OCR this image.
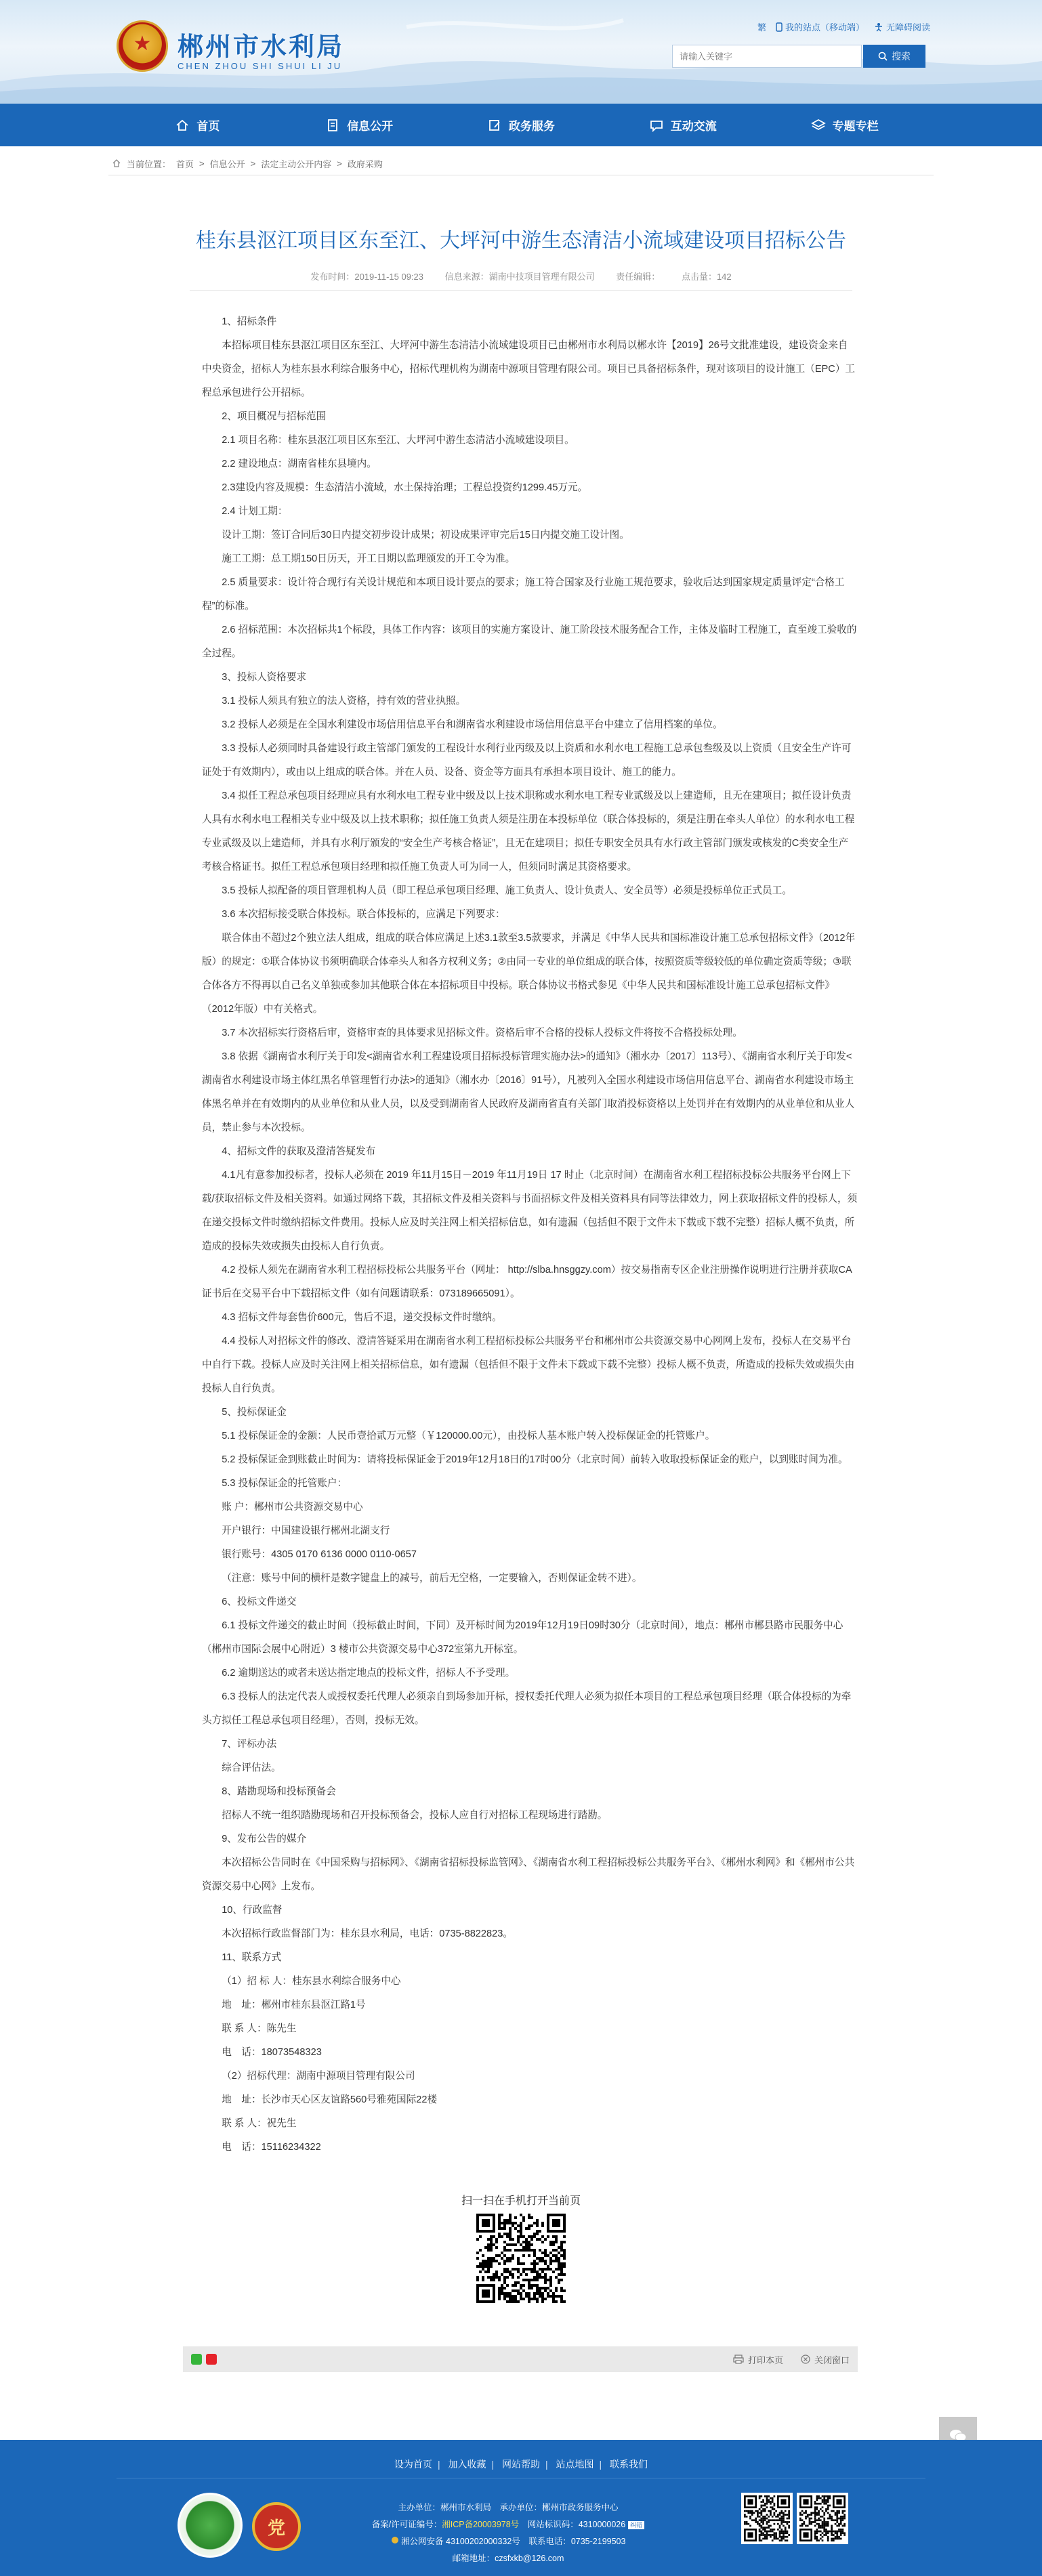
★	郴州市水利局
CHEN ZHOU SHI SHUI LI JU
繁 我的站点（移动端） 无障碍阅读
请输入关键字
搜索
首页	信息公开	政务服务	互动交流	专题专栏
当前位置： 首页 > 信息公开 > 法定主动公开内容 > 政府采购
桂东县沤江项目区东至江、大坪河中游生态清洁小流域建设项目招标公告
发布时间：2019-11-15 09:23 信息来源：湖南中技项目管理有限公司 责任编辑： 点击量：142

1、招标条件

本招标项目桂东县沤江项目区东至江、大坪河中游生态清洁小流域建设项目已由郴州市水利局以郴水许【2019】26号文批准建设，建设资金来自中央资金，招标人为桂东县水利综合服务中心，招标代理机构为湖南中源项目管理有限公司。项目已具备招标条件，现对该项目的设计施工（EPC）工程总承包进行公开招标。

2、项目概况与招标范围

2.1 项目名称：桂东县沤江项目区东至江、大坪河中游生态清洁小流域建设项目。

2.2 建设地点：湖南省桂东县境内。

2.3建设内容及规模：生态清洁小流域，水土保持治理；工程总投资约1299.45万元。

2.4 计划工期：

设计工期：签订合同后30日内提交初步设计成果；初设成果评审完后15日内提交施工设计图。

施工工期：总工期150日历天，开工日期以监理颁发的开工令为准。

2.5 质量要求：设计符合现行有关设计规范和本项目设计要点的要求；施工符合国家及行业施工规范要求，验收后达到国家规定质量评定“合格工程”的标准。

2.6 招标范围：本次招标共1个标段，具体工作内容：该项目的实施方案设计、施工阶段技术服务配合工作，主体及临时工程施工，直至竣工验收的全过程。

3、投标人资格要求

3.1 投标人须具有独立的法人资格，持有效的营业执照。

3.2 投标人必须是在全国水利建设市场信用信息平台和湖南省水利建设市场信用信息平台中建立了信用档案的单位。

3.3 投标人必须同时具备建设行政主管部门颁发的工程设计水利行业丙级及以上资质和水利水电工程施工总承包叁级及以上资质（且安全生产许可证处于有效期内），或由以上组成的联合体。并在人员、设备、资金等方面具有承担本项目设计、施工的能力。

3.4 拟任工程总承包项目经理应具有水利水电工程专业中级及以上技术职称或水利水电工程专业贰级及以上建造师，且无在建项目；拟任设计负责人具有水利水电工程相关专业中级及以上技术职称；拟任施工负责人须是注册在本投标单位（联合体投标的，须是注册在牵头人单位）的水利水电工程专业贰级及以上建造师，并具有水利厅颁发的“安全生产考核合格证”，且无在建项目；拟任专职安全员具有水行政主管部门颁发或核发的C类安全生产考核合格证书。拟任工程总承包项目经理和拟任施工负责人可为同一人，但须同时满足其资格要求。

3.5 投标人拟配备的项目管理机构人员（即工程总承包项目经理、施工负责人、设计负责人、安全员等）必须是投标单位正式员工。

3.6 本次招标接受联合体投标。联合体投标的，应满足下列要求：

联合体由不超过2个独立法人组成，组成的联合体应满足上述3.1款至3.5款要求，并满足《中华人民共和国标准设计施工总承包招标文件》（2012年版）的规定：①联合体协议书须明确联合体牵头人和各方权利义务；②由同一专业的单位组成的联合体，按照资质等级较低的单位确定资质等级；③联合体各方不得再以自己名义单独或参加其他联合体在本招标项目中投标。联合体协议书格式参见《中华人民共和国标准设计施工总承包招标文件》（2012年版）中有关格式。

3.7 本次招标实行资格后审，资格审查的具体要求见招标文件。资格后审不合格的投标人投标文件将按不合格投标处理。

3.8 依据《湖南省水利厅关于印发<湖南省水利工程建设项目招标投标管理实施办法>的通知》（湘水办〔2017〕113号）、《湖南省水利厅关于印发<湖南省水利建设市场主体红黑名单管理暂行办法>的通知》（湘水办〔2016〕91号），凡被列入全国水利建设市场信用信息平台、湖南省水利建设市场主体黑名单并在有效期内的从业单位和从业人员，以及受到湖南省人民政府及湖南省直有关部门取消投标资格以上处罚并在有效期内的从业单位和从业人员，禁止参与本次投标。

4、招标文件的获取及澄清答疑发布

4.1凡有意参加投标者，投标人必须在 2019 年11月15日－2019 年11月19日 17 时止（北京时间）在湖南省水利工程招标投标公共服务平台网上下载/获取招标文件及相关资料。如通过网络下载，其招标文件及相关资料与书面招标文件及相关资料具有同等法律效力，网上获取招标文件的投标人，须在递交投标文件时缴纳招标文件费用。投标人应及时关注网上相关招标信息，如有遗漏（包括但不限于文件未下载或下载不完整）招标人概不负责，所造成的投标失效或损失由投标人自行负责。

4.2 投标人须先在湖南省水利工程招标投标公共服务平台（网址： http://slba.hnsggzy.com）按交易指南专区企业注册操作说明进行注册并获取CA证书后在交易平台中下载招标文件（如有问题请联系：073189665091）。

4.3 招标文件每套售价600元，售后不退，递交投标文件时缴纳。

4.4 投标人对招标文件的修改、澄清答疑采用在湖南省水利工程招标投标公共服务平台和郴州市公共资源交易中心网网上发布，投标人在交易平台中自行下载。投标人应及时关注网上相关招标信息，如有遗漏（包括但不限于文件未下载或下载不完整）投标人概不负责，所造成的投标失效或损失由投标人自行负责。

5、投标保证金

5.1 投标保证金的金额：人民币壹拾贰万元整（￥120000.00元），由投标人基本账户转入投标保证金的托管账户。

5.2 投标保证金到账截止时间为：请将投标保证金于2019年12月18日的17时00分（北京时间）前转入收取投标保证金的账户，以到账时间为准。

5.3 投标保证金的托管账户：

账 户：郴州市公共资源交易中心

开户银行：中国建设银行郴州北湖支行

银行账号：4305 0170 6136 0000 0110-0657

（注意：账号中间的横杆是数字键盘上的减号，前后无空格，一定要输入，否则保证金转不进）。

6、投标文件递交

6.1 投标文件递交的截止时间（投标截止时间，下同）及开标时间为2019年12月19日09时30分（北京时间），地点：郴州市郴县路市民服务中心（郴州市国际会展中心附近）3 楼市公共资源交易中心372室第九开标室。

6.2 逾期送达的或者未送达指定地点的投标文件，招标人不予受理。

6.3 投标人的法定代表人或授权委托代理人必须亲自到场参加开标，授权委托代理人必须为拟任本项目的工程总承包项目经理（联合体投标的为牵头方拟任工程总承包项目经理），否则，投标无效。

7、评标办法

综合评估法。

8、踏勘现场和投标预备会

招标人不统一组织踏勘现场和召开投标预备会，投标人应自行对招标工程现场进行踏勘。

9、发布公告的媒介

本次招标公告同时在《中国采购与招标网》、《湖南省招标投标监管网》、《湖南省水利工程招标投标公共服务平台》、《郴州水利网》和《郴州市公共资源交易中心网》上发布。

10、行政监督

本次招标行政监督部门为：桂东县水利局，电话：0735-8822823。

11、联系方式

（1）招 标 人：桂东县水利综合服务中心

地　址：郴州市桂东县沤江路1号

联 系 人：陈先生

电　话：18073548323

（2）招标代理：湖南中源项目管理有限公司

地　址：长沙市天心区友谊路560号雅苑国际22楼

联 系 人：祝先生

电　话：15116234322

扫一扫在手机打开当前页
打印本页	关闭窗口
设为首页 | 加入收藏 | 网站帮助 | 站点地图 | 联系我们
党
主办单位：郴州市水利局　承办单位：郴州市政务服务中心
备案/许可证编号：湘ICP备20003978号　网站标识码：4310000026 纠错
湘公网安备 43100202000332号　联系电话：0735-2199503
邮箱地址：czsfxkb@126.com
